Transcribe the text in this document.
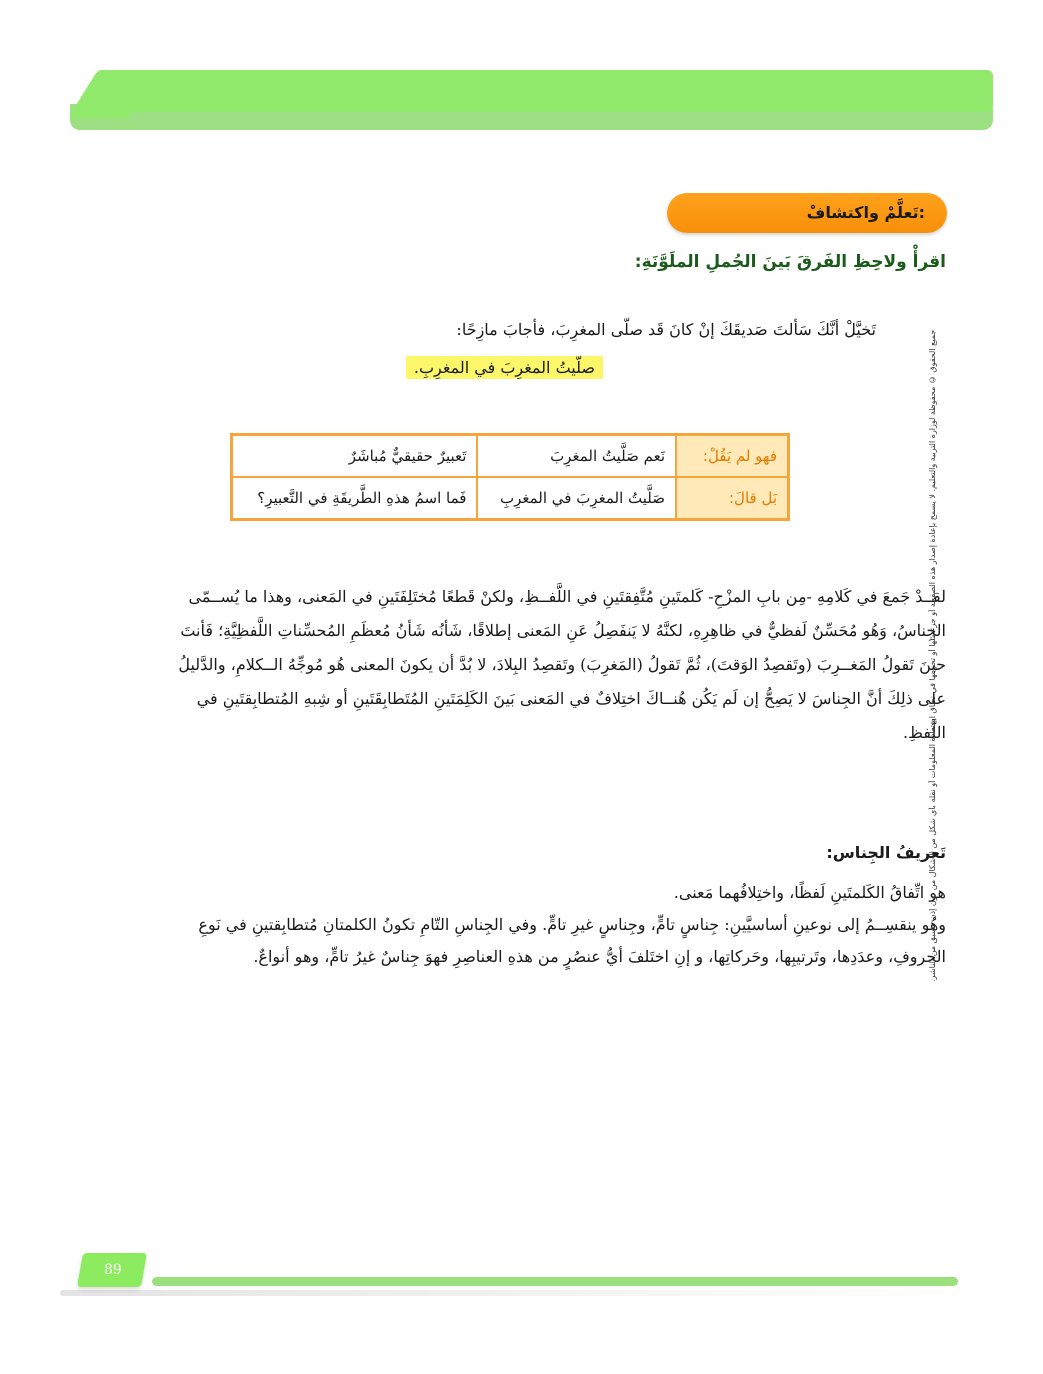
تَعلَّمْ واكتشافْ:
اقرأْ ولاحِظِ الفَرقَ بَينَ الجُملِ الملَوَّنَةِ:
تَخيَّلْ أنَّكَ سَألتَ صَديقَكَ إنْ كانَ قَد صلّى المغرِبَ، فأجابَ مازِحًا:
صلّيتُ المغرِبَ في المغرِبِ.
فهو لم يَقُلْ:	نَعم صَلَّيتُ المغرِبَ	تَعبيرٌ حقيقيٌّ مُباشَرٌ
بَل قالَ:	صَلَّيتُ المغرِبَ في المغرِبِ	فَما اسمُ هذهِ الطَّريقَةِ في التَّعبيرِ؟
لقــدْ جَمعَ في كَلامِهِ -مِن بابِ المزْحِ- كَلمتَينِ مُتَّفِقتَينِ في اللَّفــظِ، ولكنْ قَطعًا مُختَلِفَتَينِ في المَعنى، وهذا ما يُســمّى الجِناسُ، وَهُو مُحَسِّنٌ لَفظيٌّ في ظاهِرِهِ، لكنَّهُ لا يَنفَصِلُ عَنِ المَعنى إطلاقًا، شَأنُه شَأنُ مُعظَمِ المُحسِّناتِ اللَّفظِيَّةِ؛ فَأنتَ حينَ تَقولُ المَغــرِبَ (وتَقصِدُ الوَقتَ)، ثُمَّ تَقولُ (المَغرِبَ) وتَقصِدُ البِلادَ، لا بُدَّ أن يكونَ المعنى هُو مُوجِّهُ الــكلامِ، والدَّليلُ على ذلِكَ أنَّ الجِناسَ لا يَصِحُّ إن لَم يَكُن هُنــاكَ اختِلافٌ في المَعنى بَينَ الكَلِمَتَينِ المُتَطابِقَتَينِ أو شِبهِ المُتطابِقتَينِ في اللَّفظِ.
تَعريفُ الجِناس:
هو اتِّفاقُ الكَلمتَينِ لَفظًا، واختِلافُهما مَعنى.
وهُو ينقسِــمُ إلى نوعينِ أساسيَّينِ: جِناسٍ تامٍّ، وجِناسٍ غيرِ تامٍّ. وفي الجِناسِ التّامِ تكونُ الكلمتانِ مُتطابِقتينِ في نَوعِ الحروفِ، وعدَدِها، وتَرتيبِها، وحَركاتِها، و إنِ اختَلفَ أيُّ عنصُرٍ من هذهِ العناصِرِ فهوَ جِناسٌ غيرُ تامٍّ، وهو أنواعٌ.
جميع الحقوق © محفوظة لوزارة التربية والتعليم. لا يسمح بإعادة إصدار هذه الصفحة أو جزء منها أو تخزينها في نطاق استعادة المعلومات أو نقله بأي شكل من الأشكال من دون إذن مسبق من الناشر.
89
